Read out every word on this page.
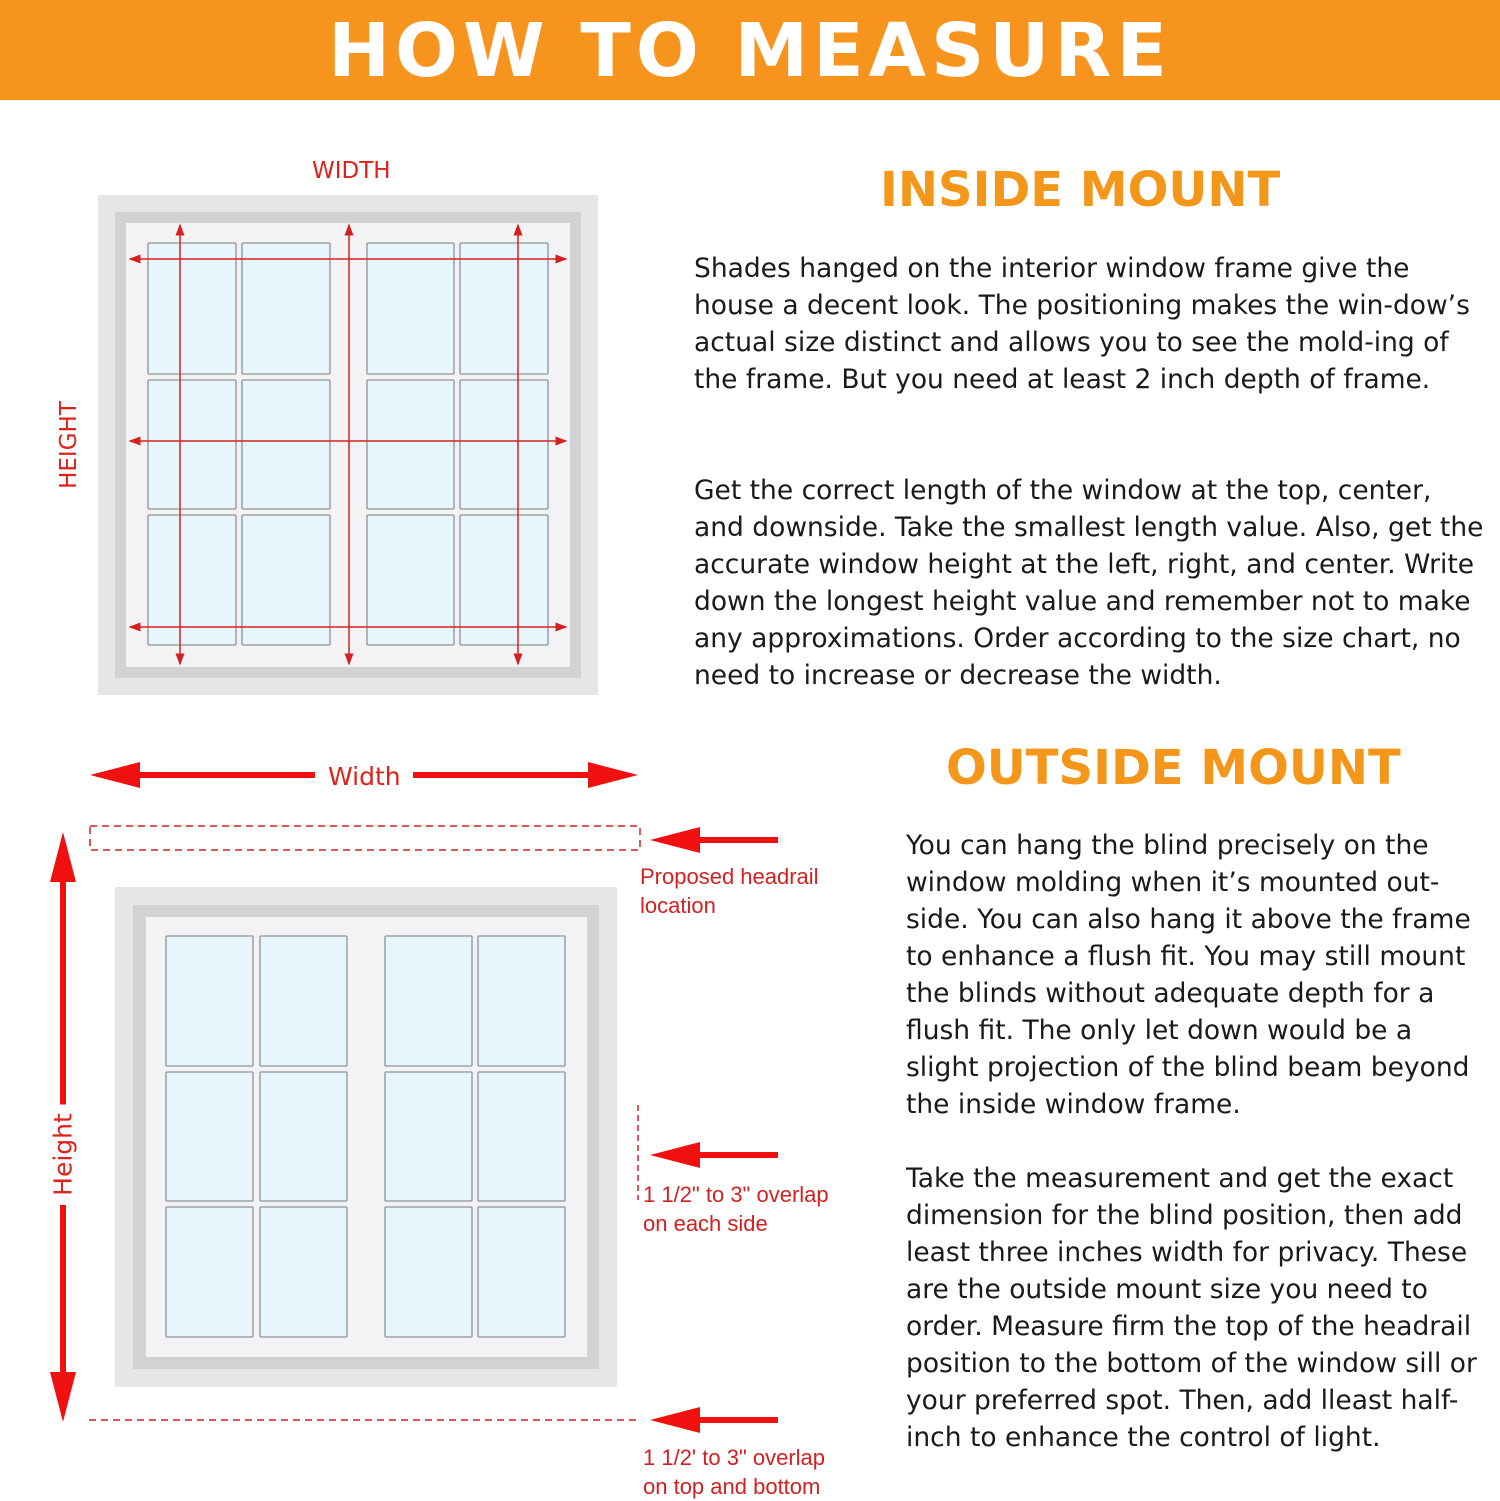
HOW TO MEASURE
WIDTH
HEIGHT
INSIDE MOUNT

Shades hanged on the interior window frame give the house a decent look. The positioning makes the win-dow’s actual size distinct and allows you to see the mold-ing of the frame. But you need at least 2 inch depth of frame.

Get the correct length of the window at the top, center, and downside. Take the smallest length value. Also, get the accurate window height at the left, right, and center. Write down the longest height value and remember not to make any approximations. Order according to the size chart, no need to increase or decrease the width.

Width
Height
Proposed headrail
location
1 1/2" to 3" overlap
on each side
1 1/2' to 3" overlap
on top and bottom
OUTSIDE MOUNT

You can hang the blind precisely on the window molding when it’s mounted out-side. You can also hang it above the frame to enhance a flush fit. You may still mount the blinds without adequate depth for a flush fit. The only let down would be a slight projection of the blind beam beyond the inside window frame.

Take the measurement and get the exact dimension for the blind position, then add least three inches width for privacy. These are the outside mount size you need to order. Measure firm the top of the headrail position to the bottom of the window sill or your preferred spot. Then, add lleast half-inch to enhance the control of light.
